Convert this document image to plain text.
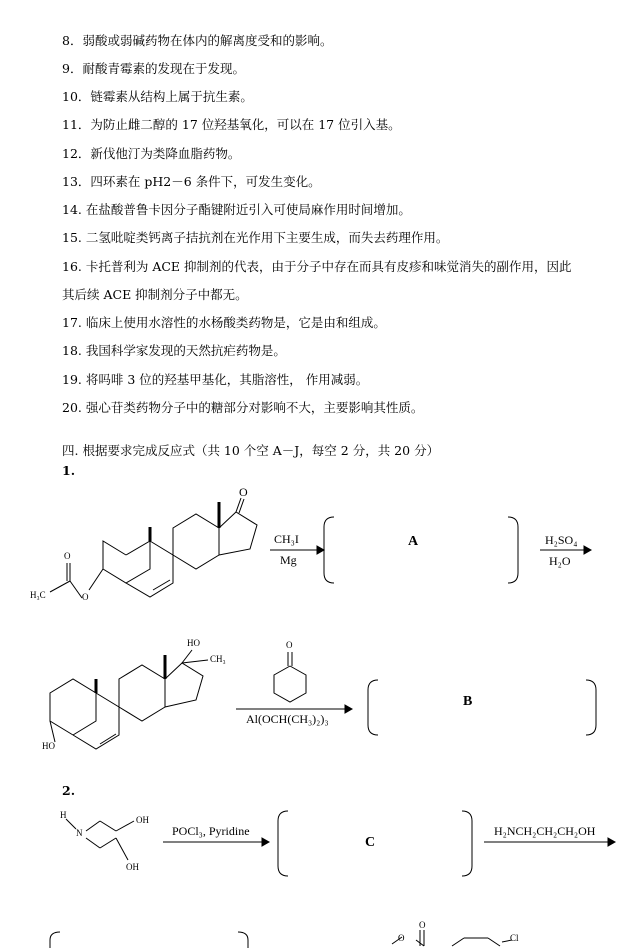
8．弱酸或弱碱药物在体内的解离度受和的影响。
9．耐酸青霉素的发现在于发现。
10．链霉素从结构上属于抗生素。
11．为防止雌二醇的 17 位羟基氧化，可以在 17 位引入基。
12．新伐他汀为类降血脂药物。
13．四环素在 pH2－6 条件下，可发生变化。
14. 在盐酸普鲁卡因分子酯键附近引入可使局麻作用时间增加。
15. 二氢吡啶类钙离子拮抗剂在光作用下主要生成，而失去药理作用。
16. 卡托普利为 ACE 抑制剂的代表，由于分子中存在而具有皮疹和味觉消失的副作用，因此
其后续 ACE 抑制剂分子中都无。
17. 临床上使用水溶性的水杨酸类药物是，它是由和组成。
18. 我国科学家发现的天然抗疟药物是。
19. 将吗啡 3 位的羟基甲基化，其脂溶性， 作用减弱。
20. 强心苷类药物分子中的糖部分对影响不大，主要影响其性质。
四. 根据要求完成反应式（共 10 个空 A－J，每空 2 分，共 20 分）
1.
2.
O
O
O
H₃C
HO
CH₃
HO
O
H
N
OH
OH
O
O
Cl
CH₃I
Mg
H₂SO₄
H₂O
Al(OCH(CH₃)₂)₃
POCl₃, Pyridine	H₂NCH₂CH₂CH₂OH
A
B
C
